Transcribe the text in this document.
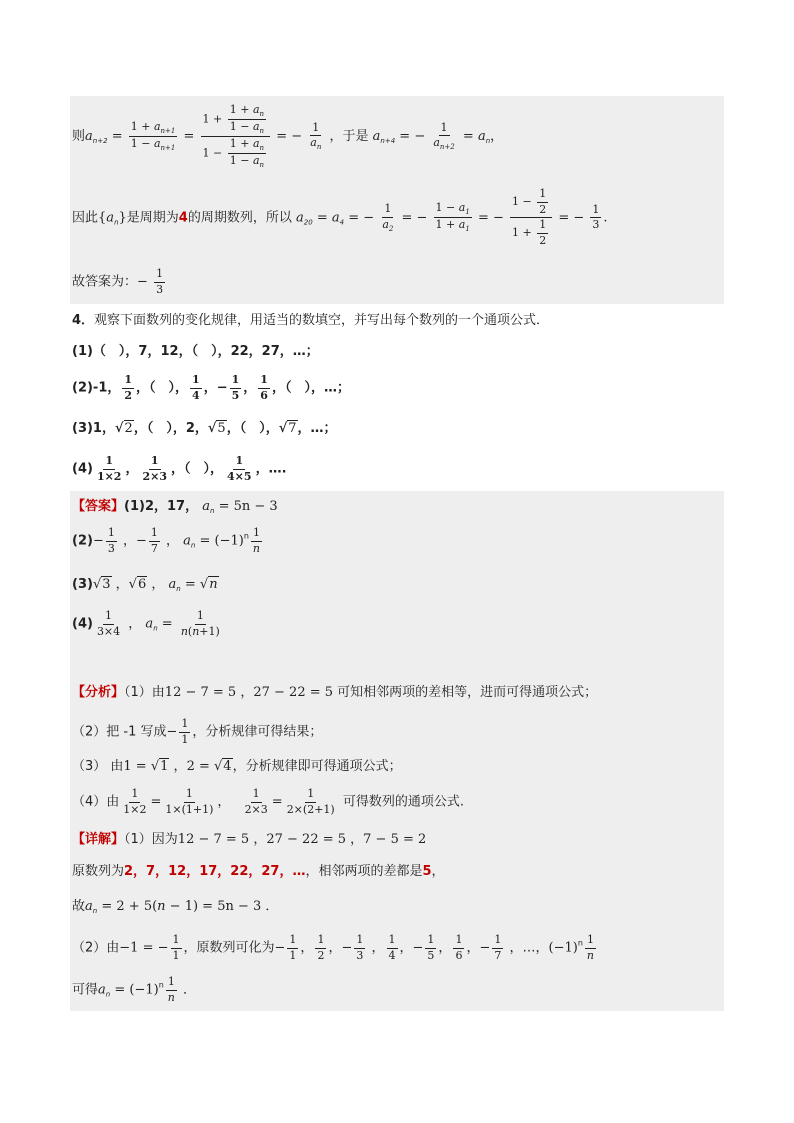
则$a_{n+2} = \frac{1 + a_{n+1}}{1 - a_{n+1}} = \frac{1 + \frac{1 + a_n}{1 - a_n}}{1 - \frac{1 + a_n}{1 - a_n}}$ = − $\frac{1}{a_n}$ ，于是 $a_{n+4}$ = − $\frac{1}{a_{n+2}} = a_n$，
因此$\{a_n\}$是周期为4的周期数列，所以 $a_{20} = a_4$ = − $\frac{1}{a_2}$ = − $\frac{1 - a_1}{1 + a_1}$ = − $\frac{1 - \frac{1}{2}}{1 + \frac{1}{2}}$ = − $\frac{1}{3}$ .
故答案为：− $\frac{1}{3}$
4．观察下面数列的变化规律，用适当的数填空，并写出每个数列的一个通项公式．
(1)（　），7，12，（　），22，27，…；
(2)-1， $\frac{1}{2}$ ，（　）， $\frac{1}{4}$ ，− $\frac{1}{5}$ ， $\frac{1}{6}$ ，（　），…；
(3)1，√2，（　），2，√5，（　），√7，…；
$(4) \frac{1}{1\times 2}$ ， $\frac{1}{2\times 3}$ ，（　）， $\frac{1}{4\times 5}$ ，….
【答案】(1)2，17， $a_n = 5n - 3$
$(2)- \frac{1}{3}$ ，− $\frac{1}{7}$ ， $a_n = (-1)^n \frac{1}{n}$
(3)√3 ，√6 ， $a_n = √n$
$(4) \frac{1}{3\times 4}$ ， $a_n = \frac{1}{n(n+1)}$
【分析】（1）由12 − 7 = 5 ，27 − 22 = 5 可知相邻两项的差相等，进而可得通项公式；
（2）把 -1 写成− $\frac{1}{1}$ ，分析规律可得结果；
（3） 由1 = √1 ，2 = √4，分析规律即可得通项公式；
（4）由 $\frac{1}{1\times 2} = \frac{1}{1\times(1+1)}$ ， $\frac{1}{2\times 3} = \frac{1}{2\times(2+1)}$ 可得数列的通项公式.
【详解】（1）因为12 − 7 = 5 ，27 − 22 = 5 ，7 − 5 = 2
原数列为2，7，12，17，22，27，…，相邻两项的差都是5，
故$a_n = 2 + 5(n - 1) = 5n - 3$ ．
（2）由−1 = − $\frac{1}{1}$ ，原数列可化为− $\frac{1}{1}$ ， $\frac{1}{2}$ ，− $\frac{1}{3}$ ， $\frac{1}{4}$ ，− $\frac{1}{5}$ ， $\frac{1}{6}$ ，− $\frac{1}{7}$ ，…，$(-1)^n \frac{1}{n}$
可得$a_n = (-1)^n \frac{1}{n}$ ．
